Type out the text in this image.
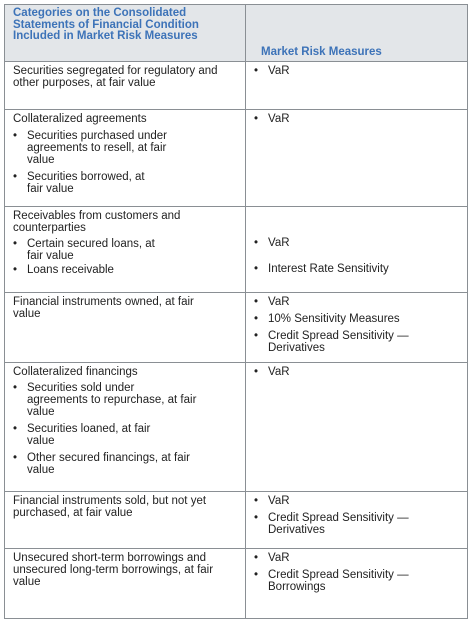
Categories on the Consolidated Statements of Financial Condition Included in Market Risk Measures
Market Risk Measures
Securities segregated for regulatory and other purposes, at fair value
• VaR
Collateralized agreements
• Securities purchased under agreements to resell, at fair value
• Securities borrowed, at fair value
• VaR
Receivables from customers and counterparties
• Certain secured loans, at fair value
• Loans receivable
• VaR
• Interest Rate Sensitivity
Financial instruments owned, at fair value
• VaR
• 10% Sensitivity Measures
• Credit Spread Sensitivity — Derivatives
Collateralized financings
• Securities sold under agreements to repurchase, at fair value
• Securities loaned, at fair value
• Other secured financings, at fair value
• VaR
Financial instruments sold, but not yet purchased, at fair value
• VaR
• Credit Spread Sensitivity — Derivatives
Unsecured short-term borrowings and unsecured long-term borrowings, at fair value
• VaR
• Credit Spread Sensitivity — Borrowings
